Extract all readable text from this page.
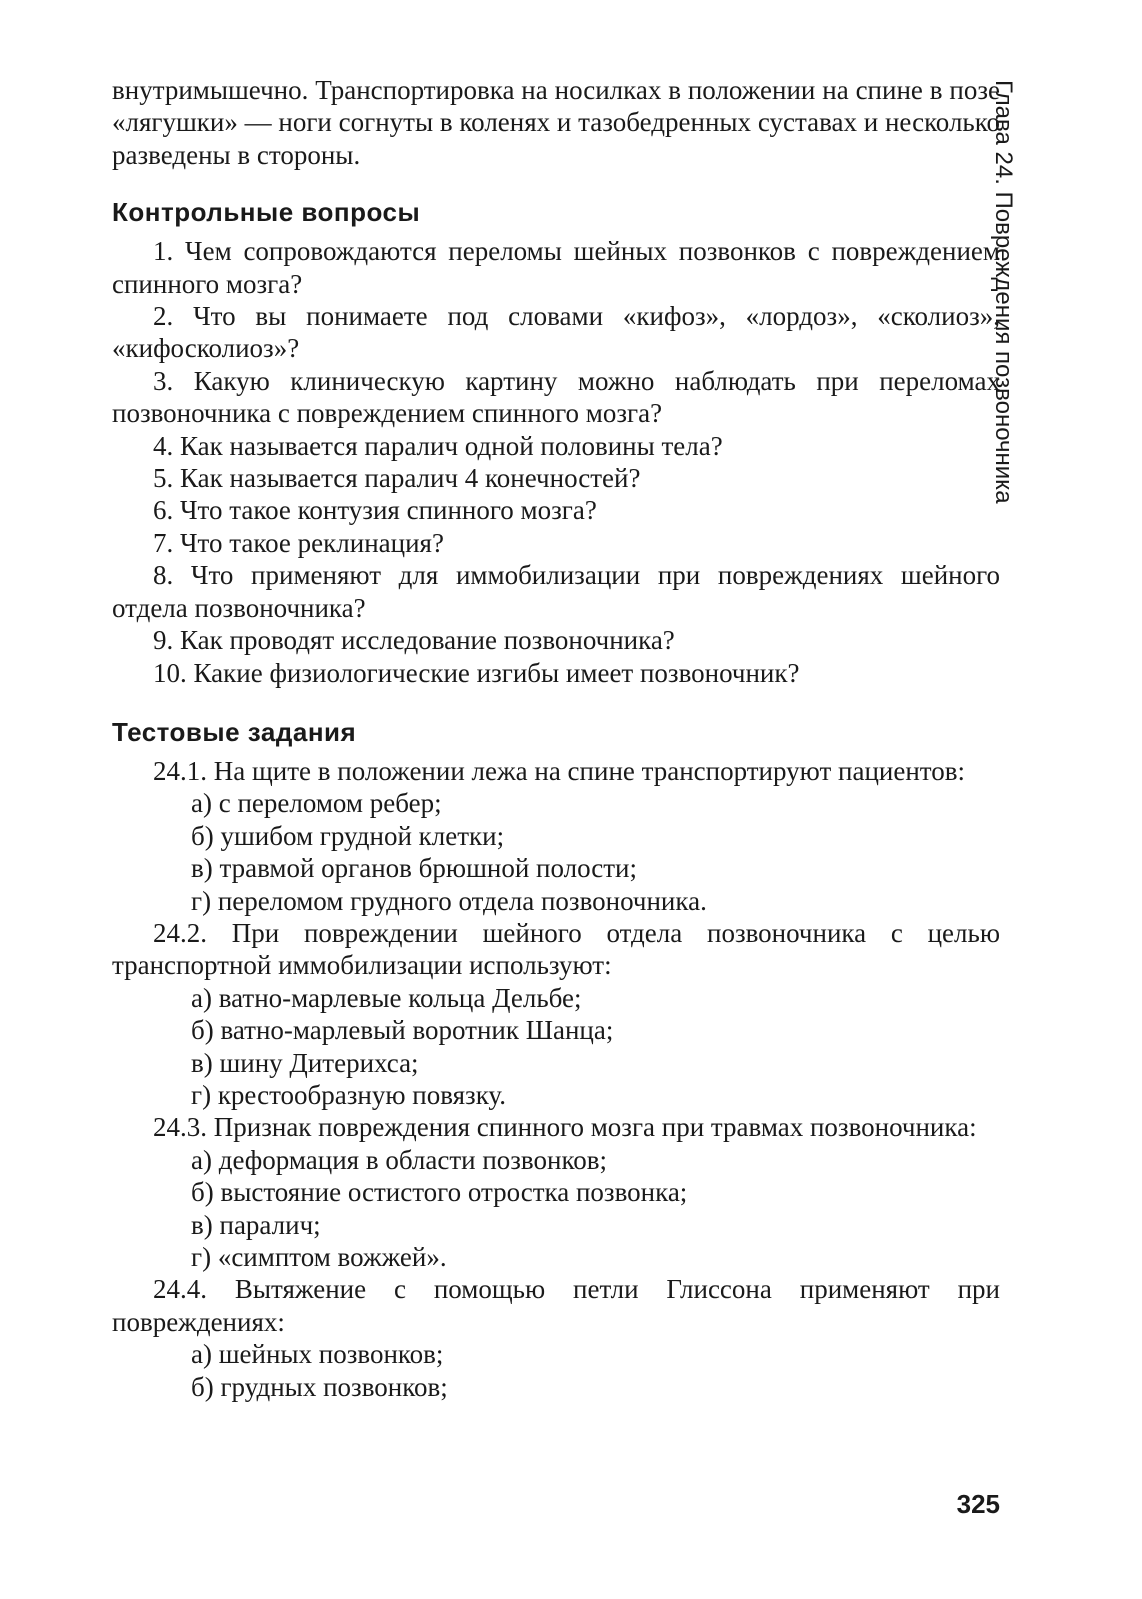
внутримышечно. Транспортировка на носилках в положении на спине в позе «лягушки» — ноги согнуты в коленях и тазобедренных суставах и несколько разведены в стороны.

Контрольные вопросы

1. Чем сопровождаются переломы шейных позвонков с повреждением спинного мозга?

2. Что вы понимаете под словами «кифоз», «лордоз», «сколиоз», «кифосколиоз»?

3. Какую клиническую картину можно наблюдать при переломах позвоночника с повреждением спинного мозга?

4. Как называется паралич одной половины тела?

5. Как называется паралич 4 конечностей?

6. Что такое контузия спинного мозга?

7. Что такое реклинация?

8. Что применяют для иммобилизации при повреждениях шейного отдела позвоночника?

9. Как проводят исследование позвоночника?

10. Какие физиологические изгибы имеет позвоночник?

Тестовые задания

24.1. На щите в положении лежа на спине транспортируют пациентов:

а) с переломом ребер;

б) ушибом грудной клетки;

в) травмой органов брюшной полости;

г) переломом грудного отдела позвоночника.

24.2. При повреждении шейного отдела позвоночника с целью транспортной иммобилизации используют:

а) ватно-марлевые кольца Дельбе;

б) ватно-марлевый воротник Шанца;

в) шину Дитерихса;

г) крестообразную повязку.

24.3. Признак повреждения спинного мозга при травмах позвоночника:

а) деформация в области позвонков;

б) выстояние остистого отростка позвонка;

в) паралич;

г) «симптом вожжей».

24.4. Вытяжение с помощью петли Глиссона применяют при повреждениях:

а) шейных позвонков;

б) грудных позвонков;

Глава 24. Повреждения позвоночника
325
